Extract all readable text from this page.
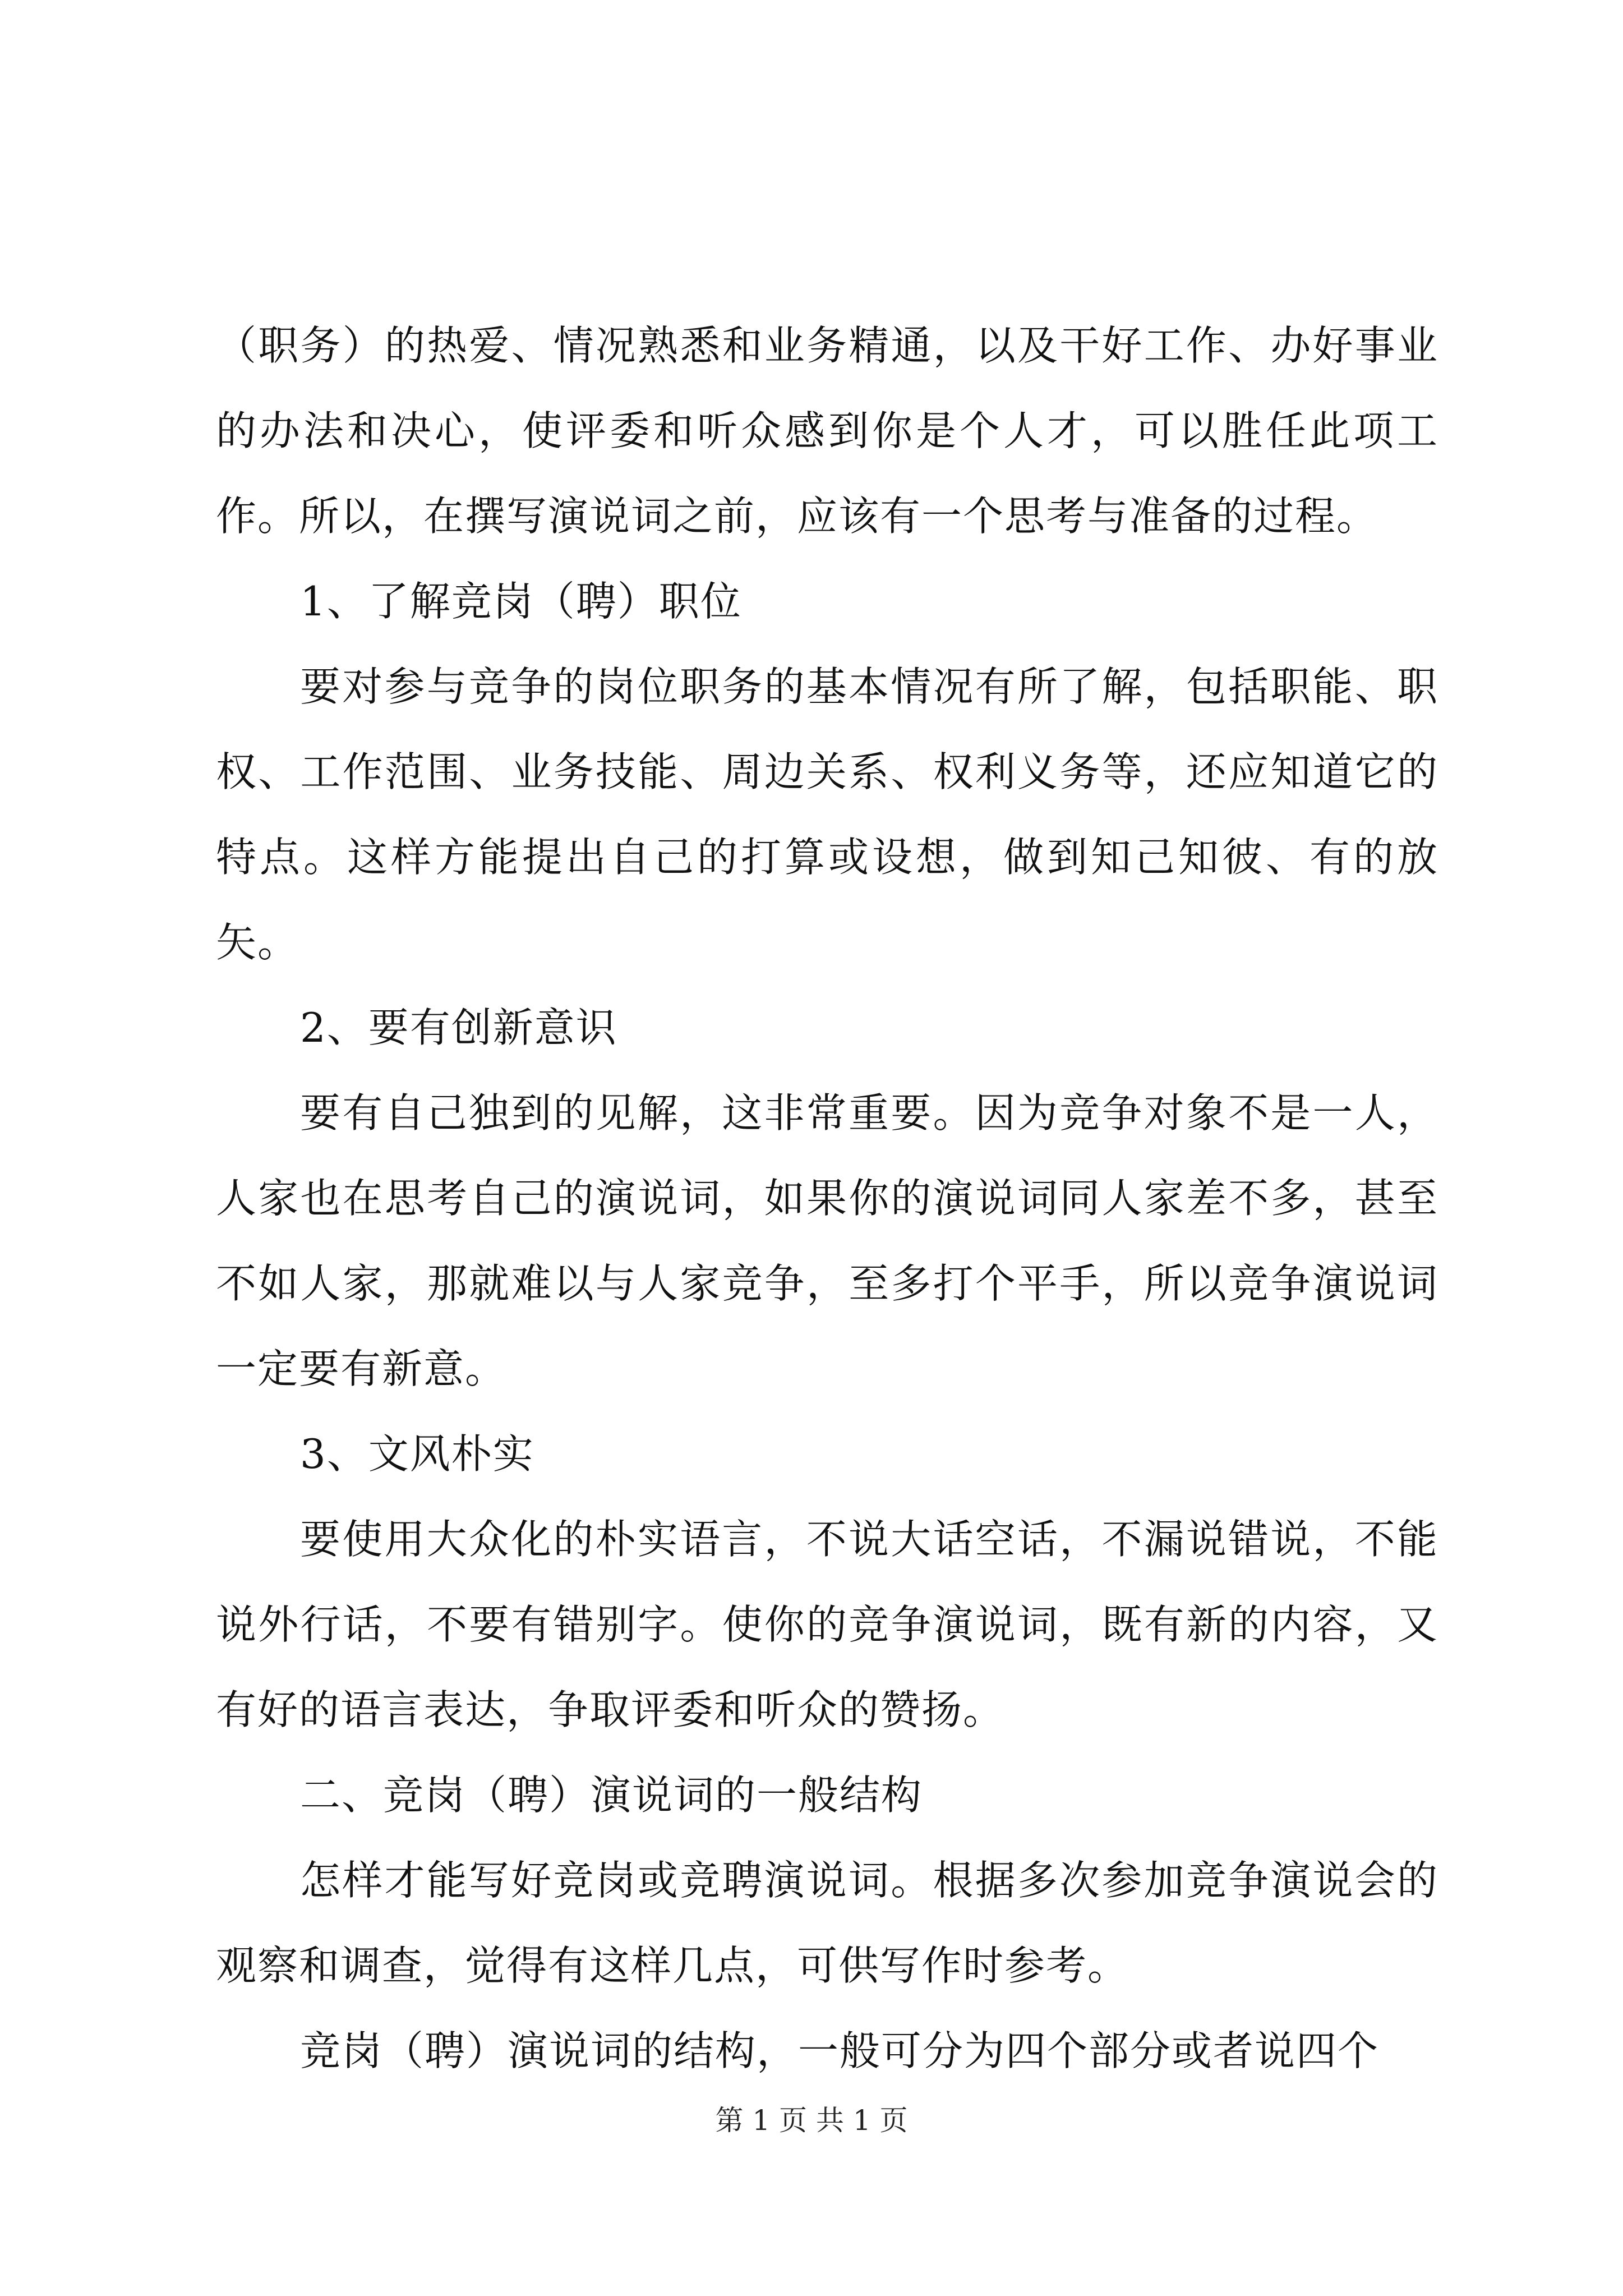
（职务）的热爱、情况熟悉和业务精通，以及干好工作、办好事业的办法和决心，使评委和听众感到你是个人才，可以胜任此项工作。所以，在撰写演说词之前，应该有一个思考与准备的过程。

1、了解竞岗（聘）职位

要对参与竞争的岗位职务的基本情况有所了解，包括职能、职权、工作范围、业务技能、周边关系、权利义务等，还应知道它的特点。这样方能提出自己的打算或设想，做到知己知彼、有的放矢。

2、要有创新意识

要有自己独到的见解，这非常重要。因为竞争对象不是一人，人家也在思考自己的演说词，如果你的演说词同人家差不多，甚至不如人家，那就难以与人家竞争，至多打个平手，所以竞争演说词一定要有新意。

3、文风朴实

要使用大众化的朴实语言，不说大话空话，不漏说错说，不能说外行话，不要有错别字。使你的竞争演说词，既有新的内容，又有好的语言表达，争取评委和听众的赞扬。

二、竞岗（聘）演说词的一般结构

怎样才能写好竞岗或竞聘演说词。根据多次参加竞争演说会的观察和调查，觉得有这样几点，可供写作时参考。

竞岗（聘）演说词的结构，一般可分为四个部分或者说四个

第 1 页 共 1 页
